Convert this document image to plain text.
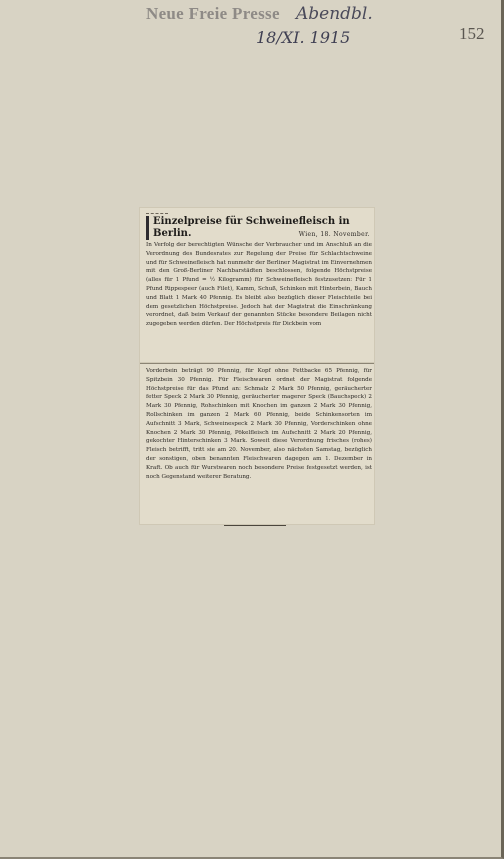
Neue Freie Presse Abendbl.
18/XI. 1915	152
Einzelpreise für Schweinefleisch in Berlin.	Wien, 18. November.

In Verfolg der berechtigten Wünsche der Verbraucher und im Anschluß an die Verordnung des Bundesrates zur Regelung der Preise für Schlachtschweine und für Schweinefleisch hat nunmehr der Berliner Magistrat im Einvernehmen mit den Groß-Berliner Nachbarstädten beschlossen, folgende Höchstpreise (alles für 1 Pfund = ½ Kilogramm) für Schweinefleisch festzusetzen: Für 1 Pfund Rippespeer (auch Filet), Kamm, Schuß, Schinken mit Hinterbein, Bauch und Blatt 1 Mark 40 Pfennig. Es bleibt also bezüglich dieser Fleischteile bei dem gesetzlichen Höchstpreise. Jedoch hat der Magistrat die Einschränkung verordnet, daß beim Verkauf der genannten Stücke besondere Beilagen nicht zugegeben werden dürfen. Der Höchstpreis für Dickbein vom

Vorderbein beträgt 90 Pfennig, für Kopf ohne Fettbacke 65 Pfennig, für Spitzbein 30 Pfennig. Für Fleischwaren ordnet der Magistrat folgende Höchstpreise für das Pfund an: Schmalz 2 Mark 50 Pfennig, geräucherter fetter Speck 2 Mark 30 Pfennig, geräucherter magerer Speck (Bauchspeck) 2 Mark 30 Pfennig, Rohschinken mit Knochen im ganzen 2 Mark 30 Pfennig, Rollschinken im ganzen 2 Mark 60 Pfennig, beide Schinkensorten im Aufschnitt 3 Mark, Schweinespeck 2 Mark 30 Pfennig, Vorderschinken ohne Knochen 2 Mark 30 Pfennig, Pökelfleisch im Aufschnitt 2 Mark 20 Pfennig, gekochter Hinterschinken 3 Mark. Soweit diese Verordnung frisches (rohes) Fleisch betrifft, tritt sie am 20. November, also nächsten Samstag, bezüglich der sonstigen, oben benannten Fleischwaren dagegen am 1. Dezember in Kraft. Ob auch für Wurstwaren noch besondere Preise festgesetzt werden, ist noch Gegenstand weiterer Beratung.
